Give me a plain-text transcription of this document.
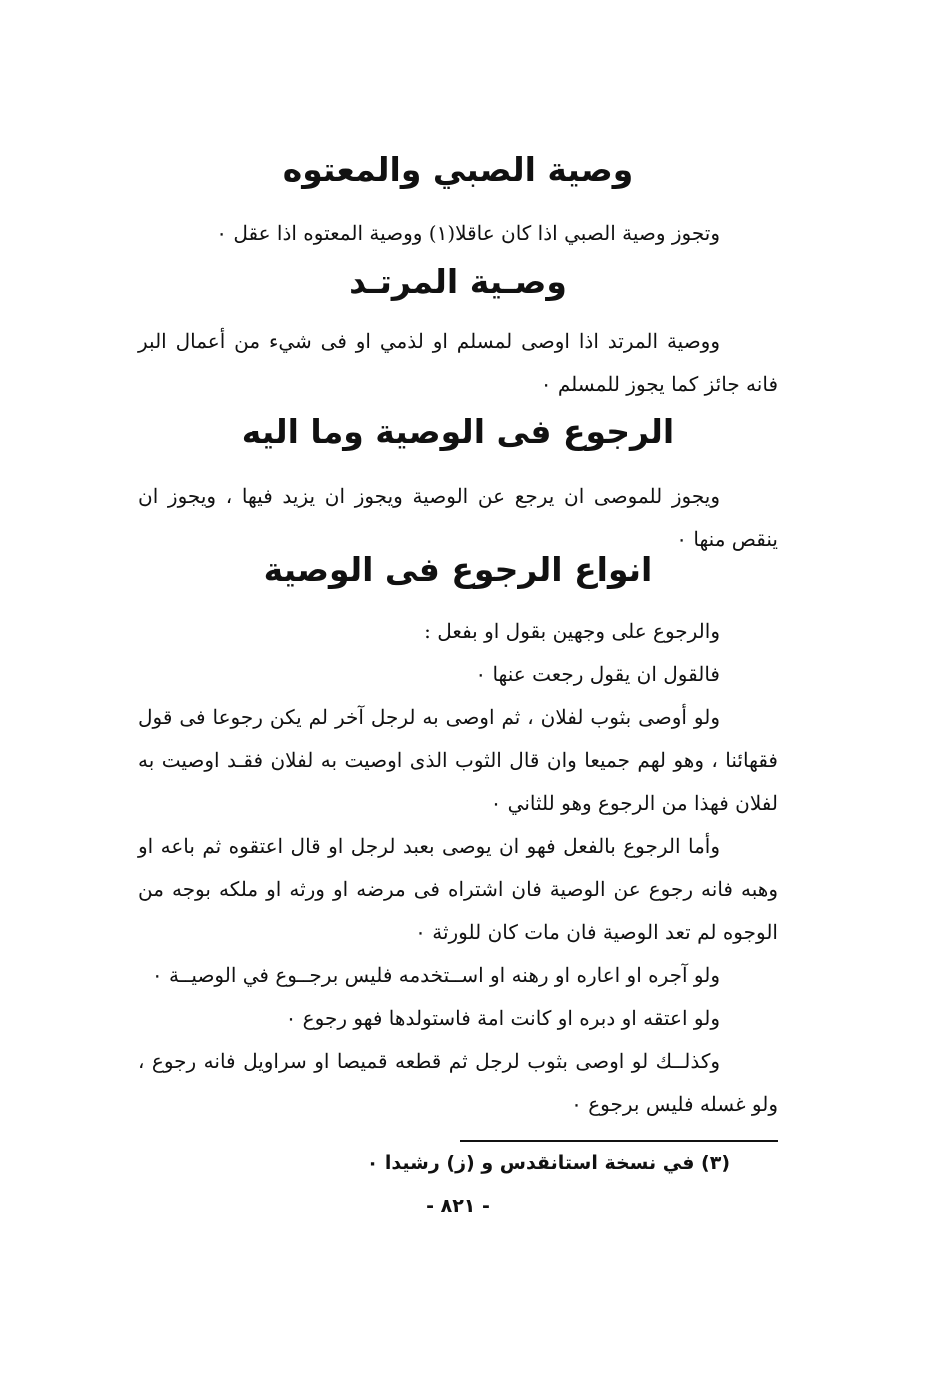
وصية الصبي والمعتوه
وتجوز وصية الصبي اذا كان عاقلا(١) ووصية المعتوه اذا عقل ٠
وصـية المرتـد
ووصية المرتد اذا اوصى لمسلم او لذمي او فى شيء من أعمال البر فانه جائز كما يجوز للمسلم ٠
الرجوع فى الوصية وما اليه
ويجوز للموصى ان يرجع عن الوصية ويجوز ان يزيد فيها ، ويجوز ان ينقص منها ٠
انواع الرجوع فى الوصية

والرجوع على وجهين بقول او بفعل :

فالقول ان يقول رجعت عنها ٠

ولو أوصى بثوب لفلان ، ثم اوصى به لرجل آخر لم يكن رجوعا فى قول فقهائنا ، وهو لهم جميعا وان قال الثوب الذى اوصيت به لفلان فقـد اوصيت به لفلان فهذا من الرجوع وهو للثاني ٠

وأما الرجوع بالفعل فهو ان يوصى بعبد لرجل او قال اعتقوه ثم باعه او وهبه فانه رجوع عن الوصية فان اشتراه فى مرضه او ورثه او ملكه بوجه من الوجوه لم تعد الوصية فان مات كان للورثة ٠

ولو آجره او اعاره او رهنه او اســتخدمه فليس برجــوع في الوصيــة ٠

ولو اعتقه او دبره او كانت امة فاستولدها فهو رجوع ٠

وكذلــك لو اوصى بثوب لرجل ثم قطعه قميصا او سراويل فانه رجوع ، ولو غسله فليس برجوع ٠

(٣) في نسخة استانقدس و (ز) رشيدا ٠
- ٨٢١ -
